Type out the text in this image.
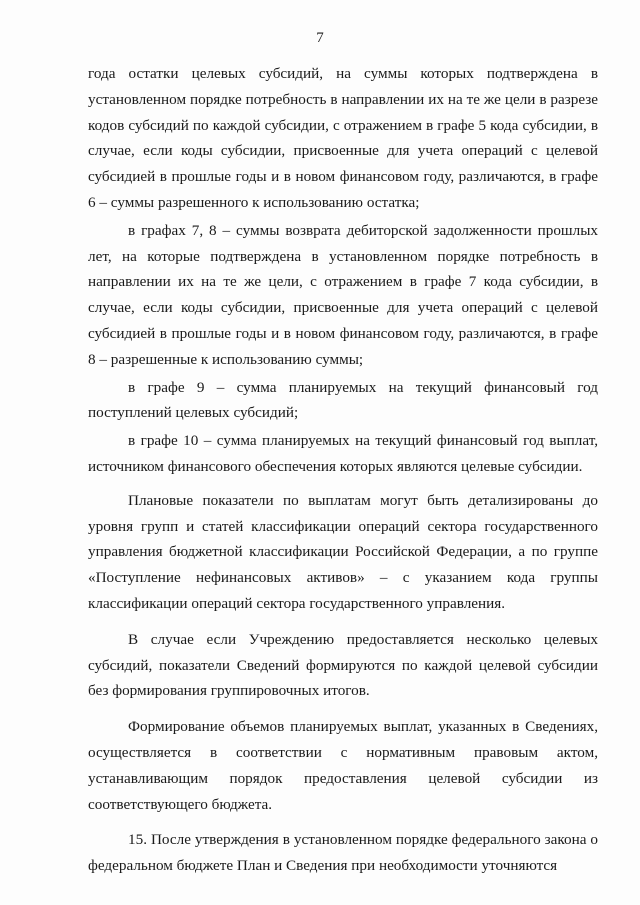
7

года остатки целевых субсидий, на суммы которых подтверждена в установленном порядке потребность в направлении их на те же цели в разрезе кодов субсидий по каждой субсидии, с отражением в графе 5 кода субсидии, в случае, если коды субсидии, присвоенные для учета операций с целевой субсидией в прошлые годы и в новом финансовом году, различаются, в графе 6 – суммы разрешенного к использованию остатка;

в графах 7, 8 – суммы возврата дебиторской задолженности прошлых лет, на которые подтверждена в установленном порядке потребность в направлении их на те же цели, с отражением в графе 7 кода субсидии, в случае, если коды субсидии, присвоенные для учета операций с целевой субсидией в прошлые годы и в новом финансовом году, различаются, в графе 8 – разрешенные к использованию суммы;

в графе 9 – сумма планируемых на текущий финансовый год поступлений целевых субсидий;

в графе 10 – сумма планируемых на текущий финансовый год выплат, источником финансового обеспечения которых являются целевые субсидии.

Плановые показатели по выплатам могут быть детализированы до уровня групп и статей классификации операций сектора государственного управления бюджетной классификации Российской Федерации, а по группе «Поступление нефинансовых активов» – с указанием кода группы классификации операций сектора государственного управления.

В случае если Учреждению предоставляется несколько целевых субсидий, показатели Сведений формируются по каждой целевой субсидии без формирования группировочных итогов.

Формирование объемов планируемых выплат, указанных в Сведениях, осуществляется в соответствии с нормативным правовым актом, устанавливающим порядок предоставления целевой субсидии из соответствующего бюджета.

15. После утверждения в установленном порядке федерального закона о федеральном бюджете План и Сведения при необходимости уточняются
